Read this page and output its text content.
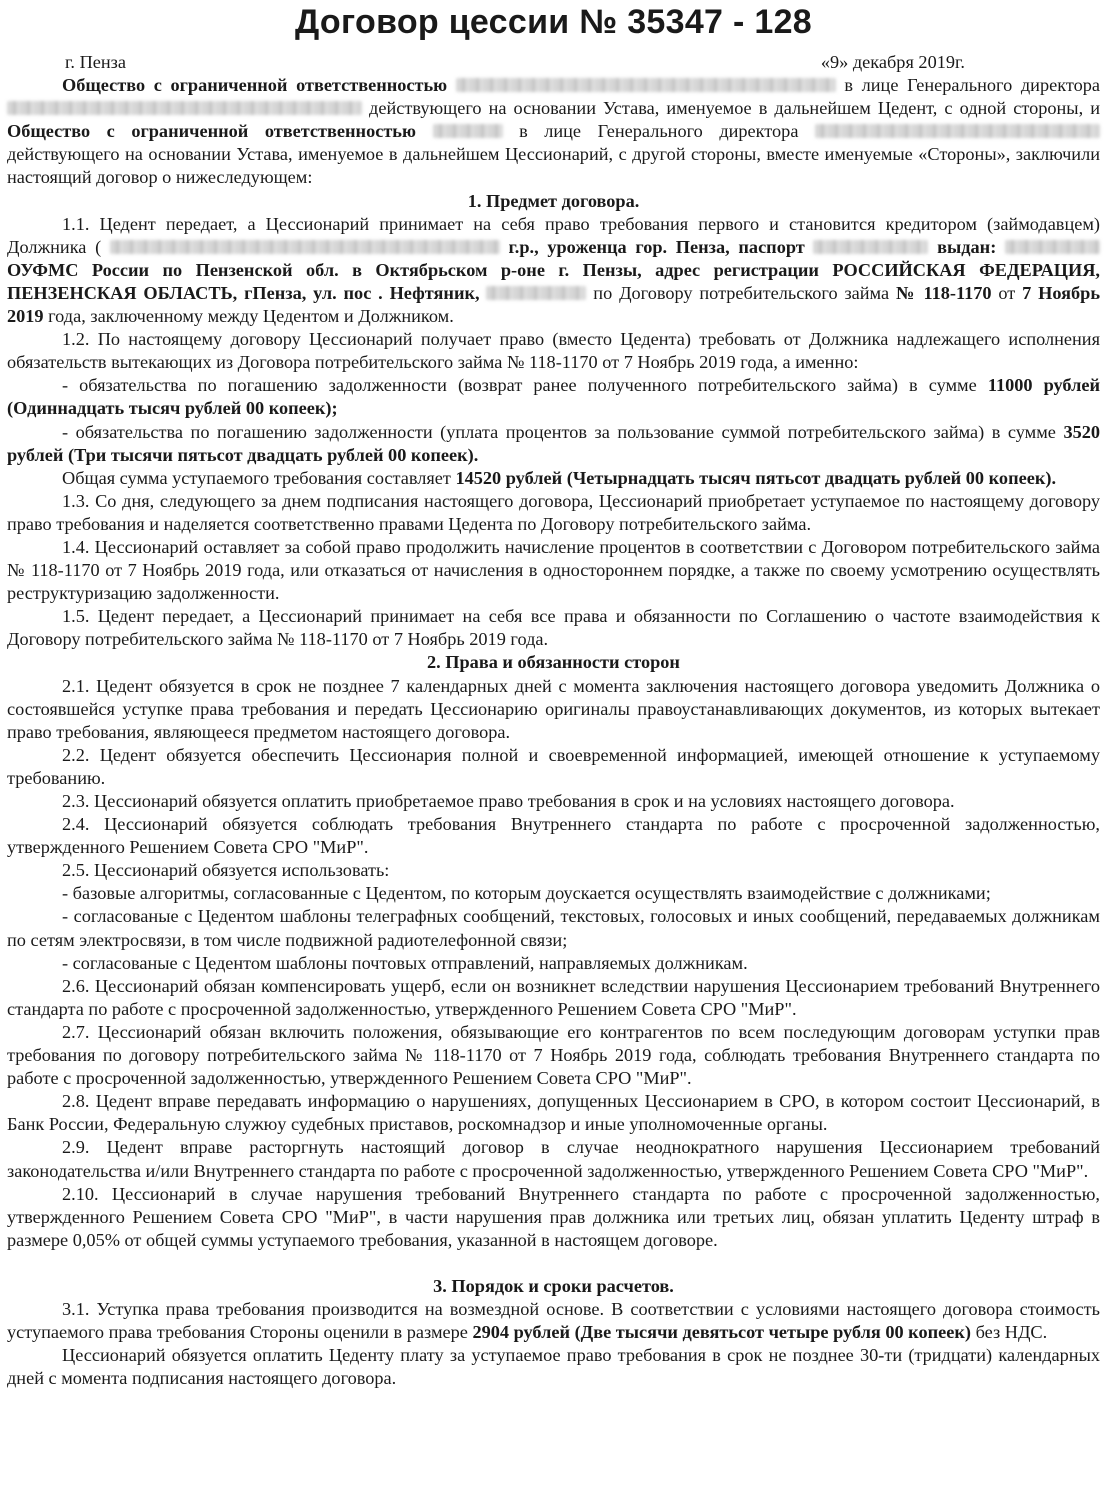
Договор цессии № 35347 - 128
г. Пенза	«9» декабря 2019г.

Общество с ограниченной ответственностью	в лице Генерального директора  действующего на основании Устава, именуемое в дальнейшем Цедент, с одной стороны, и Общество с ограниченной ответственностью	в лице Генерального директора  действующего на основании Устава, именуемое в дальнейшем Цессионарий, с другой стороны, вместе именуемые «Стороны», заключили настоящий договор о нижеследующем:

1. Предмет договора.

1.1. Цедент передает, а Цессионарий принимает на себя право требования первого и становится кредитором (займодавцем) Должника (	г.р., уроженца гор. Пенза, паспорт	выдан:  ОУФМС России по Пензенской обл. в Октябрьском р-оне г. Пензы, адрес регистрации РОССИЙСКАЯ ФЕДЕРАЦИЯ, ПЕНЗЕНСКАЯ ОБЛАСТЬ, гПенза, ул. пос . Нефтяник,	по Договору потребительского займа № 118-1170 от 7 Ноябрь 2019 года, заключенному между Цедентом и Должником.

1.2. По настоящему договору Цессионарий получает право (вместо Цедента) требовать от Должника надлежащего исполнения обязательств вытекающих из Договора потребительского займа № 118-1170 от 7 Ноябрь 2019 года, а именно:

- обязательства по погашению задолженности (возврат ранее полученного потребительского займа) в сумме 11000 рублей (Одиннадцать тысяч рублей 00 копеек);

- обязательства по погашению задолженности (уплата процентов за пользование суммой потребительского займа) в сумме 3520 рублей (Три тысячи пятьсот двадцать рублей 00 копеек).

Общая сумма уступаемого требования составляет 14520 рублей (Четырнадцать тысяч пятьсот двадцать рублей 00 копеек).

1.3. Со дня, следующего за днем подписания настоящего договора, Цессионарий приобретает уступаемое по настоящему договору право требования и наделяется соответственно правами Цедента по Договору потребительского займа.

1.4. Цессионарий оставляет за собой право продолжить начисление процентов в соответствии с Договором потребительского займа № 118-1170 от 7 Ноябрь 2019 года, или отказаться от начисления в одностороннем порядке, а также по своему усмотрению осуществлять реструктуризацию задолженности.

1.5. Цедент передает, а Цессионарий принимает на себя все права и обязанности по Соглашению о частоте взаимодействия к Договору потребительского займа № 118-1170 от 7 Ноябрь 2019 года.

2. Права и обязанности сторон

2.1. Цедент обязуется в срок не позднее 7 календарных дней с момента заключения настоящего договора уведомить Должника о состоявшейся уступке права требования и передать Цессионарию оригиналы правоустанавливающих документов, из которых вытекает право требования, являющееся предметом настоящего договора.

2.2. Цедент обязуется обеспечить Цессионария полной и своевременной информацией, имеющей отношение к уступаемому требованию.

2.3. Цессионарий обязуется оплатить приобретаемое право требования в срок и на условиях настоящего договора.

2.4. Цессионарий обязуется соблюдать требования Внутреннего стандарта по работе с просроченной задолженностью, утвержденного Решением Совета СРО "МиР".

2.5. Цессионарий обязуется использовать:

- базовые алгоритмы, согласованные с Цедентом, по которым доускается осуществлять взаимодействие с должниками;

- согласованые с Цедентом шаблоны телеграфных сообщений, текстовых, голосовых и иных сообщений, передаваемых должникам по сетям электросвязи, в том числе подвижной радиотелефонной связи;

- согласованые с Цедентом шаблоны почтовых отправлений, направляемых должникам.

2.6. Цессионарий обязан компенсировать ущерб, если он возникнет вследствии нарушения Цессионарием требований Внутреннего стандарта по работе с просроченной задолженностью, утвержденного Решением Совета СРО "МиР".

2.7. Цессионарий обязан включить положения, обязывающие его контрагентов по всем последующим договорам уступки прав требования по договору потребительского займа № 118-1170 от 7 Ноябрь 2019 года, соблюдать требования Внутреннего стандарта по работе с просроченной задолженностью, утвержденного Решением Совета СРО "МиР".

2.8. Цедент вправе передавать информацию о нарушениях, допущенных Цессионарием в СРО, в котором состоит Цессионарий, в Банк России, Федеральную служюу судебных приставов, роскомнадзор и иные уполномоченные органы.

2.9. Цедент вправе расторгнуть настоящий договор в случае неоднократного нарушения Цессионарием требований законодательства и/или Внутреннего стандарта по работе с просроченной задолженностью, утвержденного Решением Совета СРО "МиР".

2.10. Цессионарий в случае нарушения требований Внутреннего стандарта по работе с просроченной задолженностью, утвержденного Решением Совета СРО "МиР", в части нарушения прав должника или третьих лиц, обязан уплатить Цеденту штраф в размере 0,05% от общей суммы уступаемого требования, указанной в настоящем договоре.

3. Порядок и сроки расчетов.

3.1. Уступка права требования производится на возмездной основе. В соответствии с условиями настоящего договора стоимость уступаемого права требования Стороны оценили в размере 2904 рублей (Две тысячи девятьсот четыре рубля 00 копеек) без НДС.

Цессионарий обязуется оплатить Цеденту плату за уступаемое право требования в срок не позднее 30-ти (тридцати) календарных дней с момента подписания настоящего договора.
